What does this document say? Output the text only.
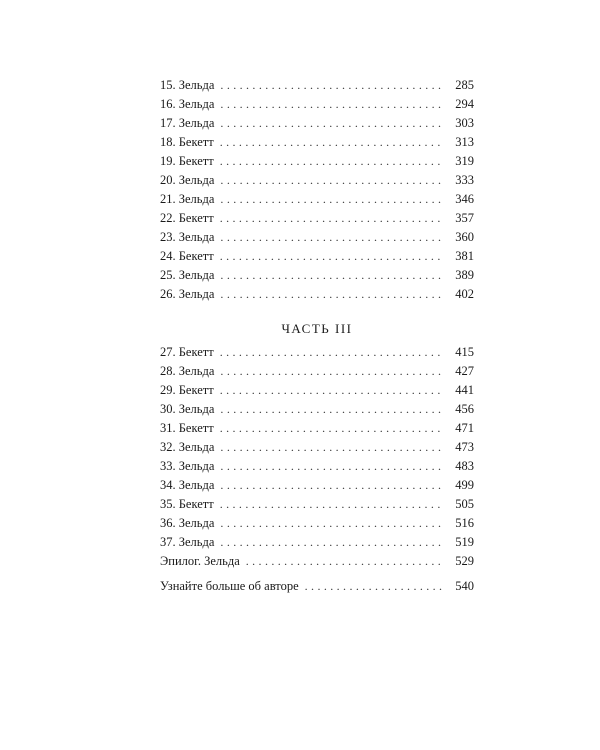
15. Зельда . . .	285
16. Зельда . . .	294
17. Зельда . . .	303
18. Бекетт . . .	313
19. Бекетт . . .	319
20. Зельда . . .	333
21. Зельда . . .	346
22. Бекетт . . .	357
23. Зельда . . .	360
24. Бекетт . . .	381
25. Зельда . . .	389
26. Зельда . . .	402
ЧАСТЬ III
27. Бекетт . . .	415
28. Зельда . . .	427
29. Бекетт . . .	441
30. Зельда . . .	456
31. Бекетт . . .	471
32. Зельда . . .	473
33. Зельда . . .	483
34. Зельда . . .	499
35. Бекетт . . .	505
36. Зельда . . .	516
37. Зельда . . .	519
Эпилог. Зельда . . .	529
Узнайте больше об авторе . . .	540
